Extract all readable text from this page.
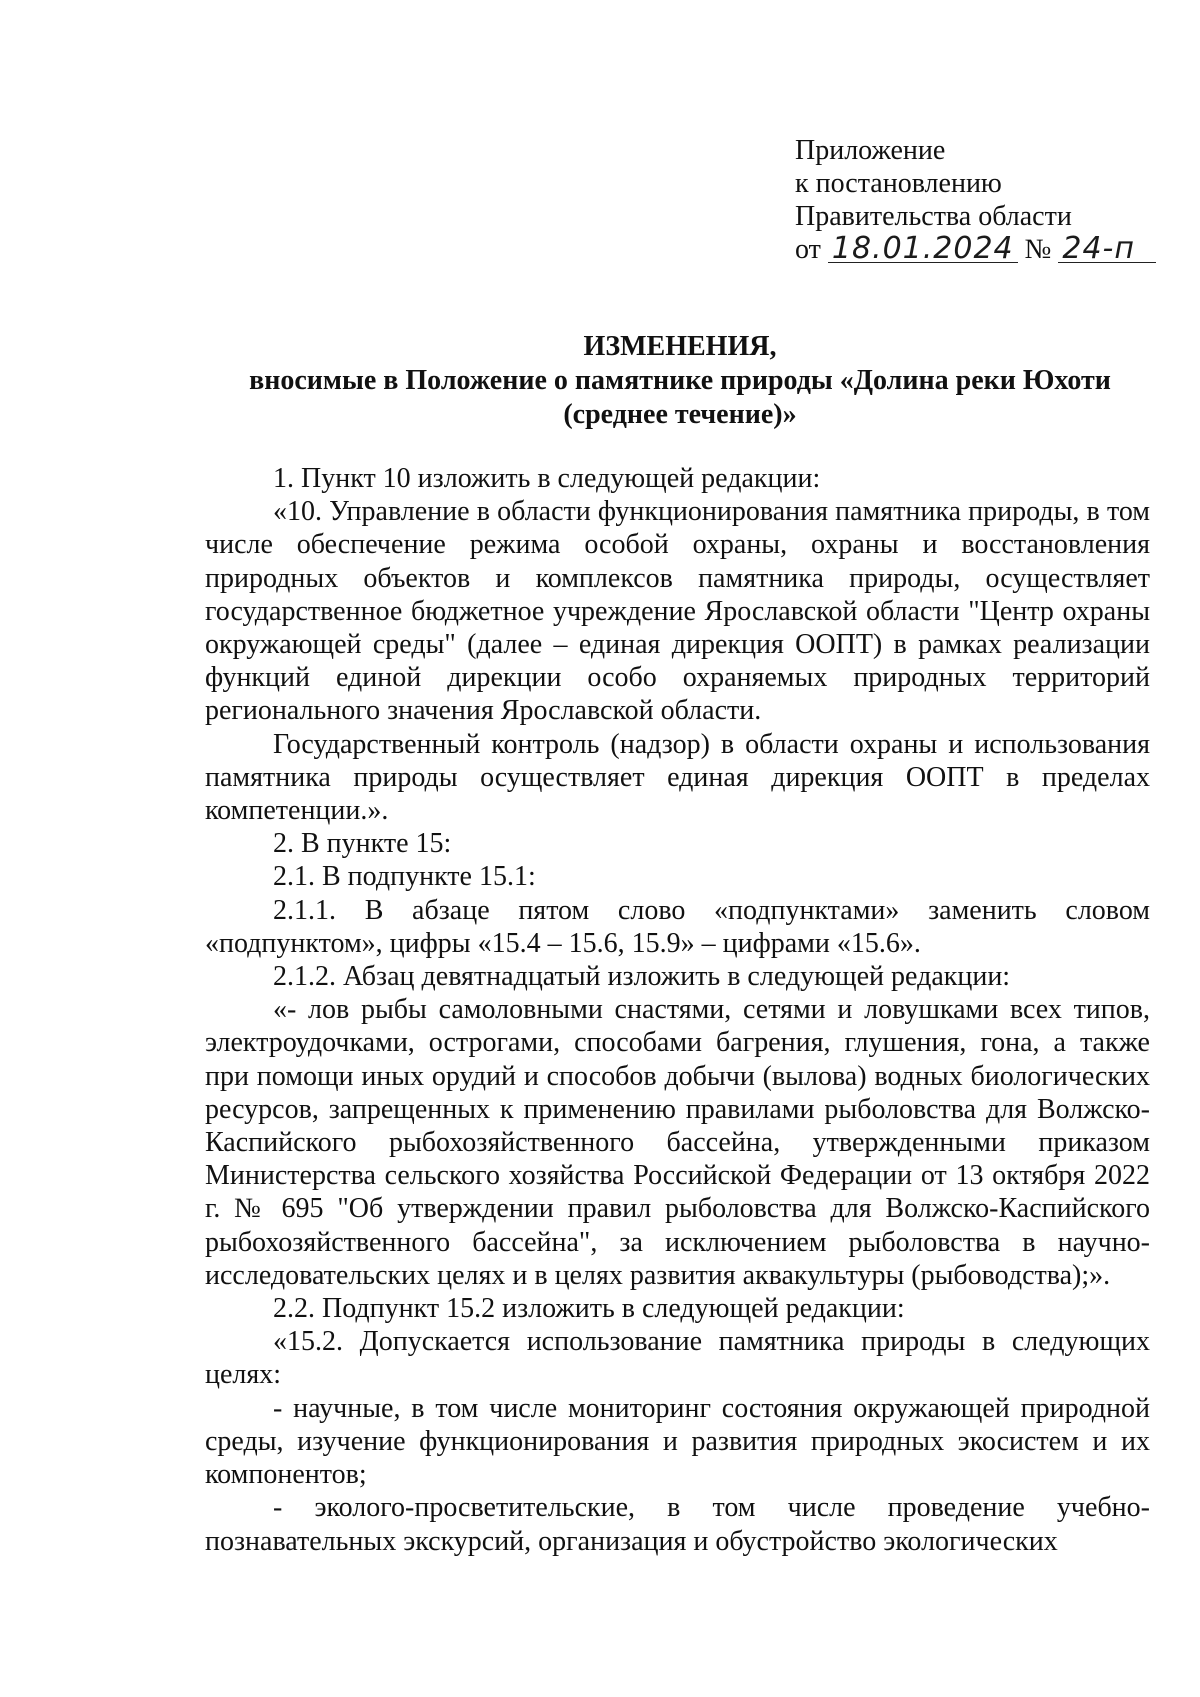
Приложение
к постановлению
Правительства области
от 18.01.2024 № 24-п
ИЗМЕНЕНИЯ,
вносимые в Положение о памятнике природы «Долина реки Юхоти
(среднее течение)»

1. Пункт 10 изложить в следующей редакции:

«10. Управление в области функционирования памятника природы, в том числе обеспечение режима особой охраны, охраны и восстановления природных объектов и комплексов памятника природы, осуществляет государственное бюджетное учреждение Ярославской области "Центр охраны окружающей среды" (далее – единая дирекция ООПТ) в рамках реализации функций единой дирекции особо охраняемых природных территорий регионального значения Ярославской области.

Государственный контроль (надзор) в области охраны и использования памятника природы осуществляет единая дирекция ООПТ в пределах компетенции.».

2. В пункте 15:

2.1. В подпункте 15.1:

2.1.1. В абзаце пятом слово «подпунктами» заменить словом «подпунктом», цифры «15.4 – 15.6, 15.9» – цифрами «15.6».

2.1.2. Абзац девятнадцатый изложить в следующей редакции:

«- лов рыбы самоловными снастями, сетями и ловушками всех типов, электроудочками, острогами, способами багрения, глушения, гона, а также при помощи иных орудий и способов добычи (вылова) водных биологических ресурсов, запрещенных к применению правилами рыболовства для Волжско-Каспийского рыбохозяйственного бассейна, утвержденными приказом Министерства сельского хозяйства Российской Федерации от 13 октября 2022 г. № 695 "Об утверждении правил рыболовства для Волжско-Каспийского рыбохозяйственного бассейна", за исключением рыболовства в научно-исследовательских целях и в целях развития аквакультуры (рыбоводства);».

2.2. Подпункт 15.2 изложить в следующей редакции:

«15.2. Допускается использование памятника природы в следующих целях:

- научные, в том числе мониторинг состояния окружающей природной среды, изучение функционирования и развития природных экосистем и их компонентов;

- эколого-просветительские, в том числе проведение учебно-познавательных экскурсий, организация и обустройство экологических
